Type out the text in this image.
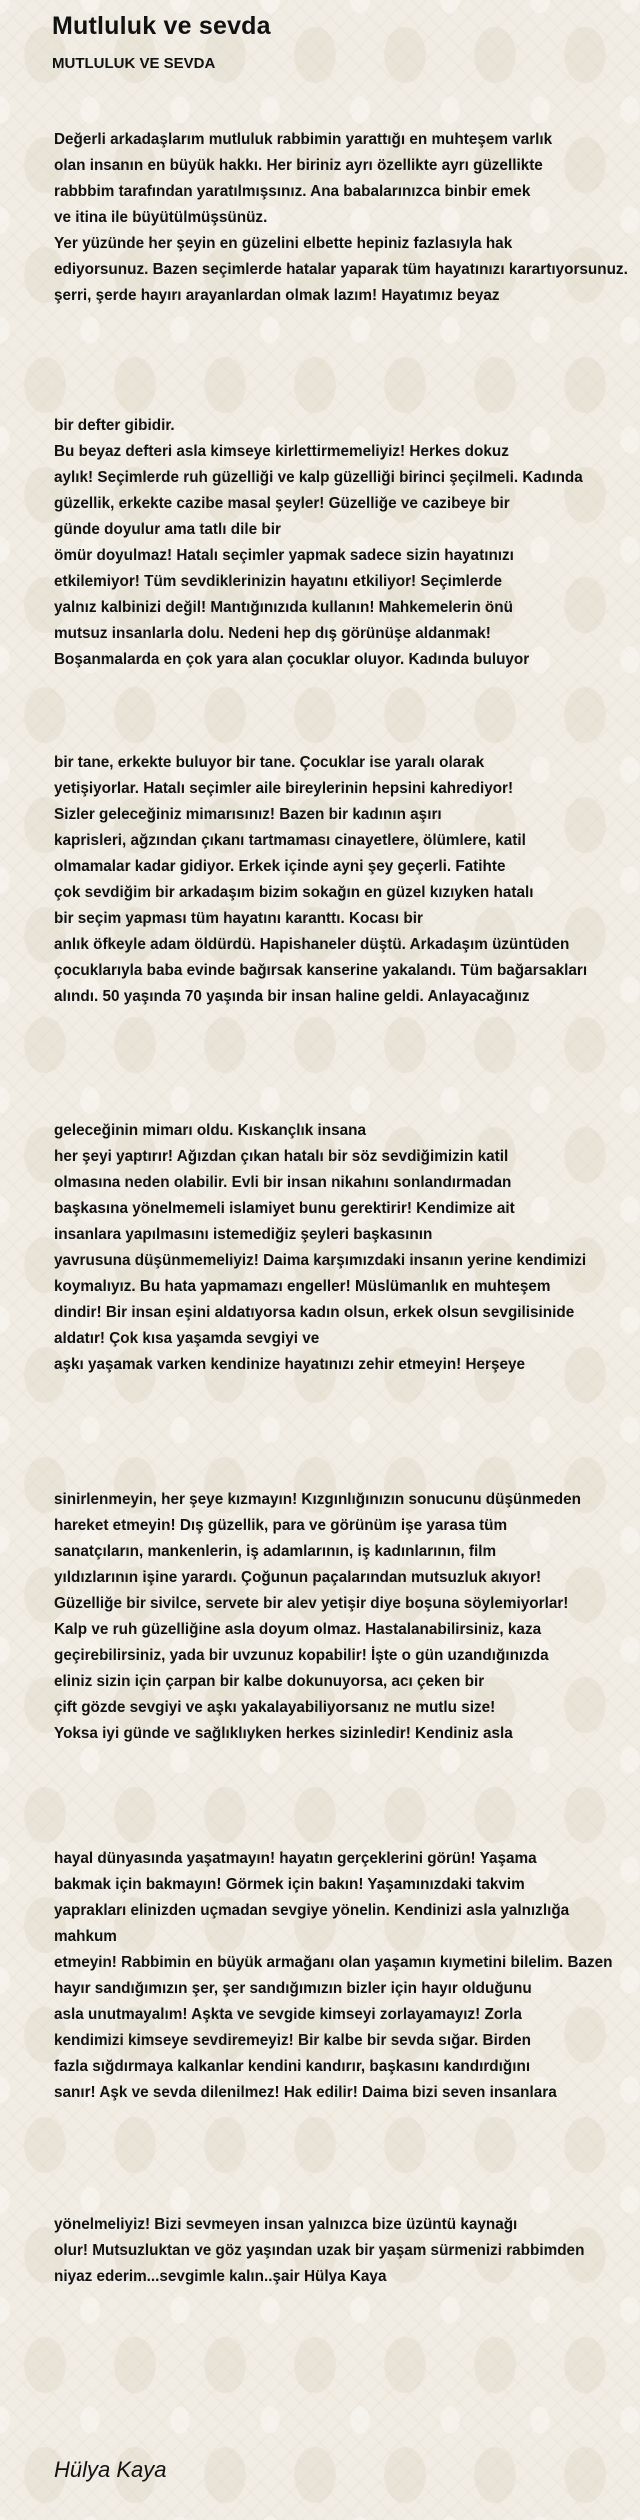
Mutluluk ve sevda
MUTLULUK VE SEVDA
Değerli arkadaşlarım mutluluk rabbimin yarattığı en muhteşem varlık
olan insanın en büyük hakkı. Her biriniz ayrı özellikte ayrı güzellikte
rabbbim tarafından yaratılmışsınız. Ana babalarınızca binbir emek
ve itina ile büyütülmüşsünüz.
Yer yüzünde her şeyin en güzelini elbette hepiniz fazlasıyla hak
ediyorsunuz. Bazen seçimlerde hatalar yaparak tüm hayatınızı karartıyorsunuz.
şerri, şerde hayırı arayanlardan olmak lazım! Hayatımız beyaz
bir defter gibidir.
Bu beyaz defteri asla kimseye kirlettirmemeliyiz! Herkes dokuz
aylık! Seçimlerde ruh güzelliği ve kalp güzelliği birinci şeçilmeli. Kadında
güzellik, erkekte cazibe masal şeyler! Güzelliğe ve cazibeye bir
günde doyulur ama tatlı dile bir
ömür doyulmaz! Hatalı seçimler yapmak sadece sizin hayatınızı
etkilemiyor! Tüm sevdiklerinizin hayatını etkiliyor! Seçimlerde
yalnız kalbinizi değil! Mantığınızıda kullanın! Mahkemelerin önü
mutsuz insanlarla dolu. Nedeni hep dış görünüşe aldanmak!
Boşanmalarda en çok yara alan çocuklar oluyor. Kadında buluyor
bir tane, erkekte buluyor bir tane. Çocuklar ise yaralı olarak
yetişiyorlar. Hatalı seçimler aile bireylerinin hepsini kahrediyor!
Sizler geleceğiniz mimarısınız! Bazen bir kadının aşırı
kaprisleri, ağzından çıkanı tartmaması cinayetlere, ölümlere, katil
olmamalar kadar gidiyor. Erkek içinde ayni şey geçerli. Fatihte
çok sevdiğim bir arkadaşım bizim sokağın en güzel kızıyken hatalı
bir seçim yapması tüm hayatını karanttı. Kocası bir
anlık öfkeyle adam öldürdü. Hapishaneler düştü. Arkadaşım üzüntüden
çocuklarıyla baba evinde bağırsak kanserine yakalandı. Tüm bağarsakları
alındı. 50 yaşında 70 yaşında bir insan haline geldi. Anlayacağınız
geleceğinin mimarı oldu. Kıskançlık insana
her şeyi yaptırır! Ağızdan çıkan hatalı bir söz sevdiğimizin katil
olmasına neden olabilir. Evli bir insan nikahını sonlandırmadan
başkasına yönelmemeli islamiyet bunu gerektirir! Kendimize ait
insanlara yapılmasını istemediğiz şeyleri başkasının
yavrusuna düşünmemeliyiz! Daima karşımızdaki insanın yerine kendimizi
koymalıyız. Bu hata yapmamazı engeller! Müslümanlık en muhteşem
dindir! Bir insan eşini aldatıyorsa kadın olsun, erkek olsun sevgilisinide
aldatır! Çok kısa yaşamda sevgiyi ve
aşkı yaşamak varken kendinize hayatınızı zehir etmeyin! Herşeye
sinirlenmeyin, her şeye kızmayın! Kızgınlığınızın sonucunu düşünmeden
hareket etmeyin! Dış güzellik, para ve görünüm işe yarasa tüm
sanatçıların, mankenlerin, iş adamlarının, iş kadınlarının, film
yıldızlarının işine yarardı. Çoğunun paçalarından mutsuzluk akıyor!
Güzelliğe bir sivilce, servete bir alev yetişir diye boşuna söylemiyorlar!
Kalp ve ruh güzelliğine asla doyum olmaz. Hastalanabilirsiniz, kaza
geçirebilirsiniz, yada bir uvzunuz kopabilir! İşte o gün uzandığınızda
eliniz sizin için çarpan bir kalbe dokunuyorsa, acı çeken bir
çift gözde sevgiyi ve aşkı yakalayabiliyorsanız ne mutlu size!
Yoksa iyi günde ve sağlıklıyken herkes sizinledir! Kendiniz asla
hayal dünyasında yaşatmayın! hayatın gerçeklerini görün! Yaşama
bakmak için bakmayın! Görmek için bakın! Yaşamınızdaki takvim
yaprakları elinizden uçmadan sevgiye yönelin. Kendinizi asla yalnızlığa
mahkum
etmeyin! Rabbimin en büyük armağanı olan yaşamın kıymetini bilelim. Bazen
hayır sandığımızın şer, şer sandığımızın bizler için hayır olduğunu
asla unutmayalım! Aşkta ve sevgide kimseyi zorlayamayız! Zorla
kendimizi kimseye sevdiremeyiz! Bir kalbe bir sevda sığar. Birden
fazla sığdırmaya kalkanlar kendini kandırır, başkasını kandırdığını
sanır! Aşk ve sevda dilenilmez! Hak edilir! Daima bizi seven insanlara
yönelmeliyiz! Bizi sevmeyen insan yalnızca bize üzüntü kaynağı
olur! Mutsuzluktan ve göz yaşından uzak bir yaşam sürmenizi rabbimden
niyaz ederim...sevgimle kalın..şair Hülya Kaya
Hülya Kaya
